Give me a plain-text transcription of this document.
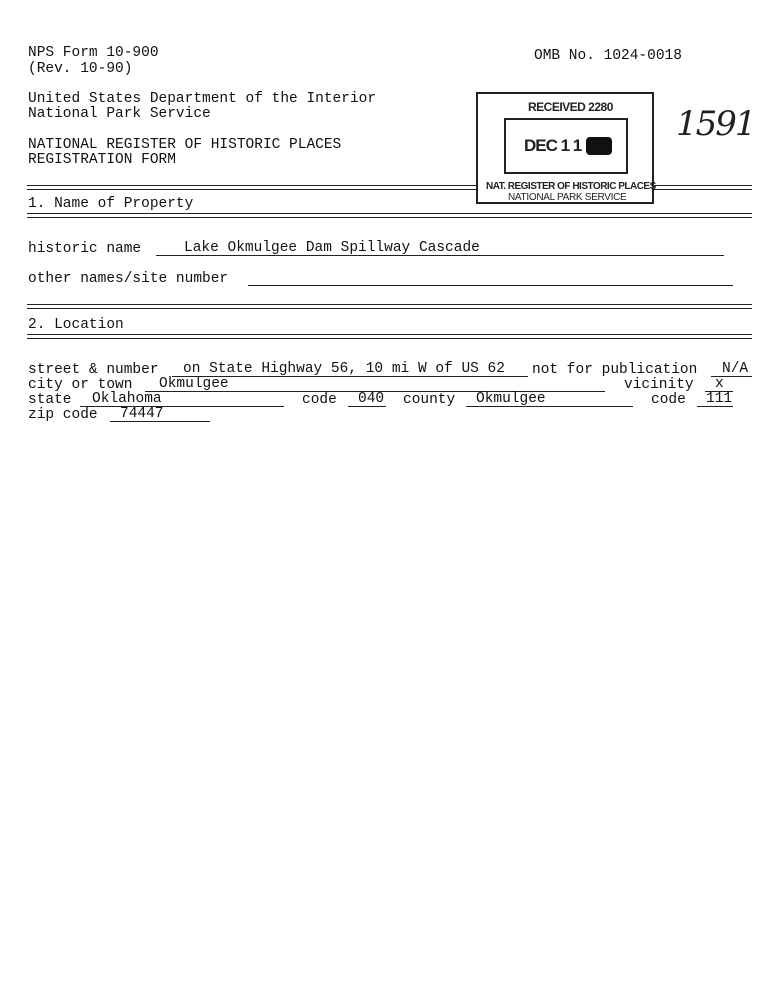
NPS Form 10-900
(Rev. 10-90)
OMB No. 1024-0018
United States Department of the Interior
National Park Service
NATIONAL REGISTER OF HISTORIC PLACES
REGISTRATION FORM
1. Name of Property
historic name	Lake Okmulgee Dam Spillway Cascade
other names/site number
2. Location
street & number on State Highway 56, 10 mi W of US 62 not for publication N/A
city or town Okmulgee	vicinity x
state Oklahoma	code 040 county Okmulgee	code 111
zip code 74447
RECEIVED 2280
DEC 1 1
NAT. REGISTER OF HISTORIC PLACES
NATIONAL PARK SERVICE
1591
